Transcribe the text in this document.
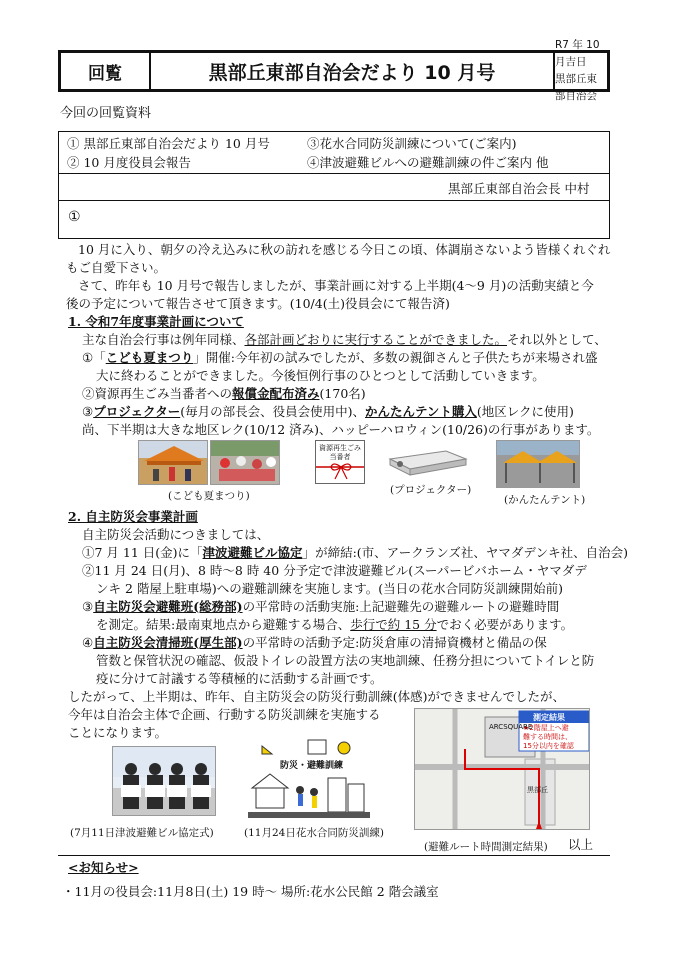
回覧	黒部丘東部自治会だより 10 月号
R7 年 10 月吉日
黒部丘東部自治会
今回の回覧資料
① 黒部丘東部自治会だより 10 月号
② 10 月度役員会報告
③花水合同防災訓練について(ご案内)
④津波避難ビルへの避難訓練の件ご案内 他
黒部丘東部自治会長 中村
①
10 月に入り、朝夕の冷え込みに秋の訪れを感じる今日この頃、体調崩さないよう皆様くれぐれ
もご自愛下さい。
さて、昨年も 10 月号で報告しましたが、事業計画に対する上半期(4〜9 月)の活動実績と今
後の予定について報告させて頂きます。(10/4(土)役員会にて報告済)
1. 令和7年度事業計画について
主な自治会行事は例年同様、各部計画どおりに実行することができました。それ以外として、
①「こども夏まつり」開催:今年初の試みでしたが、多数の親御さんと子供たちが来場され盛
大に終わることができました。今後恒例行事のひとつとして活動していきます。
②資源再生ごみ当番者への報償金配布済み(170名)
③プロジェクター(毎月の部長会、役員会使用中)、かんたんテント購入(地区レクに使用)
尚、下半期は大きな地区レク(10/12 済み)、ハッピーハロウィン(10/26)の行事があります。
資源再生ごみ
当番者
(こども夏まつり)	(プロジェクター)
(かんたんテント)
2. 自主防災会事業計画
自主防災会活動につきましては、
①7 月 11 日(金)に「津波避難ビル協定」が締結:(市、アークランズ社、ヤマダデンキ社、自治会)
②11 月 24 日(月)、8 時〜8 時 40 分予定で津波避難ビル(スーパービバホーム・ヤマダデ
ンキ 2 階屋上駐車場)への避難訓練を実施します。(当日の花水合同防災訓練開始前)
③自主防災会避難班(総務部)の平常時の活動実施:上記避難先の避難ルートの避難時間
を測定。結果:最南東地点から避難する場合、歩行で約 15 分でおく必要があります。
④自主防災会清掃班(厚生部)の平常時の活動予定:防災倉庫の清掃資機材と備品の保
管数と保管状況の確認、仮設トイレの設置方法の実地訓練、任務分担についてトイレと防
疫に分けて討議する等積極的に活動する計画です。
したがって、上半期は、昨年、自主防災会の防災行動訓練(体感)ができませんでしたが、
今年は自治会主体で企画、行動する防災訓練を実施する
ことになります。
防災・避難訓練
測定結果
★2階屋上へ避
難する時間は、
15分以内を確認
ARCSQUARE
黒部丘
(7月11日津波避難ビル協定式)	(11月24日花水合同防災訓練)
(避難ルート時間測定結果) 以上
<お知らせ>
・11月の役員会:11月8日(土) 19 時〜 場所:花水公民館 2 階会議室
